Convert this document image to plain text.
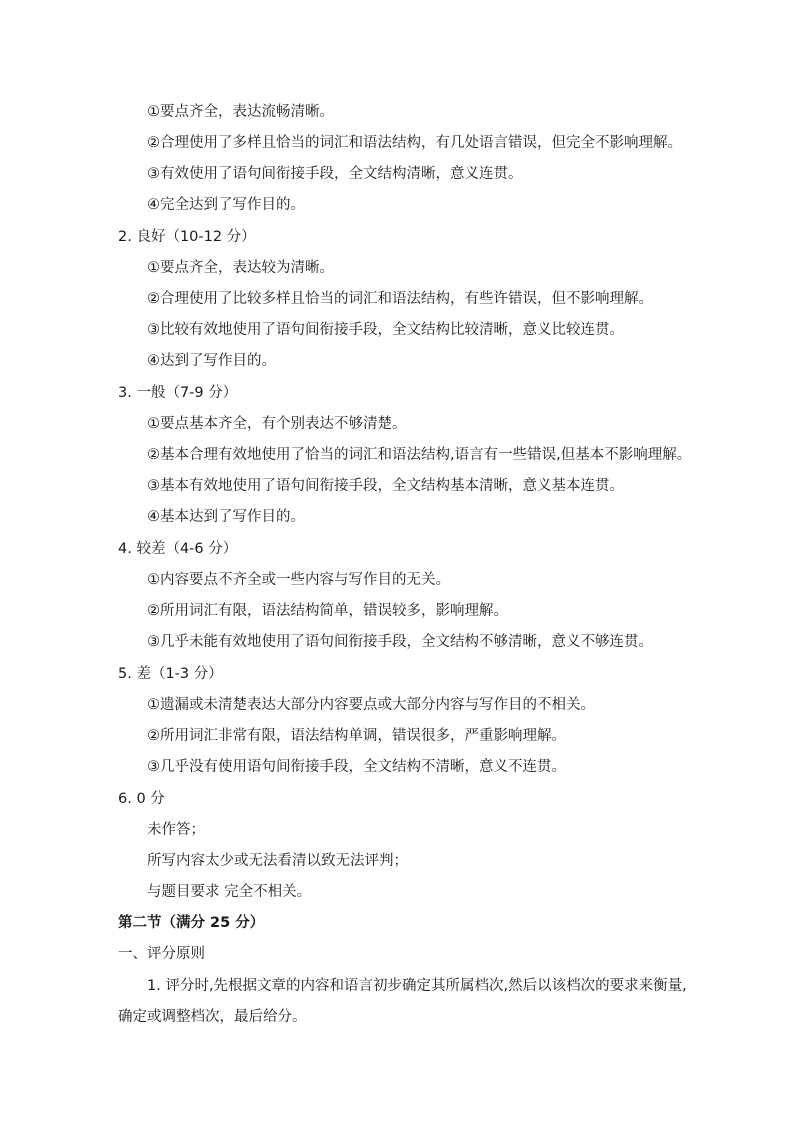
①要点齐全，表达流畅清晰。
②合理使用了多样且恰当的词汇和语法结构，有几处语言错误，但完全不影响理解。
③有效使用了语句间衔接手段，全文结构清晰，意义连贯。
④完全达到了写作目的。
2. 良好（10-12 分）
①要点齐全，表达较为清晰。
②合理使用了比较多样且恰当的词汇和语法结构，有些许错误，但不影响理解。
③比较有效地使用了语句间衔接手段，全文结构比较清晰，意义比较连贯。
④达到了写作目的。
3. 一般（7-9 分）
①要点基本齐全，有个别表达不够清楚。
②基本合理有效地使用了恰当的词汇和语法结构,语言有一些错误,但基本不影响理解。
③基本有效地使用了语句间衔接手段，全文结构基本清晰，意义基本连贯。
④基本达到了写作目的。
4. 较差（4-6 分）
①内容要点不齐全或一些内容与写作目的无关。
②所用词汇有限，语法结构简单，错误较多，影响理解。
③几乎未能有效地使用了语句间衔接手段，全文结构不够清晰，意义不够连贯。
5. 差（1-3 分）
①遗漏或未清楚表达大部分内容要点或大部分内容与写作目的不相关。
②所用词汇非常有限，语法结构单调，错误很多，严重影响理解。
③几乎没有使用语句间衔接手段，全文结构不清晰，意义不连贯。
6. 0 分
未作答；
所写内容太少或无法看清以致无法评判；
与题目要求 完全不相关。
第二节（满分 25 分）
一、评分原则
1. 评分时,先根据文章的内容和语言初步确定其所属档次,然后以该档次的要求来衡量,
确定或调整档次，最后给分。
